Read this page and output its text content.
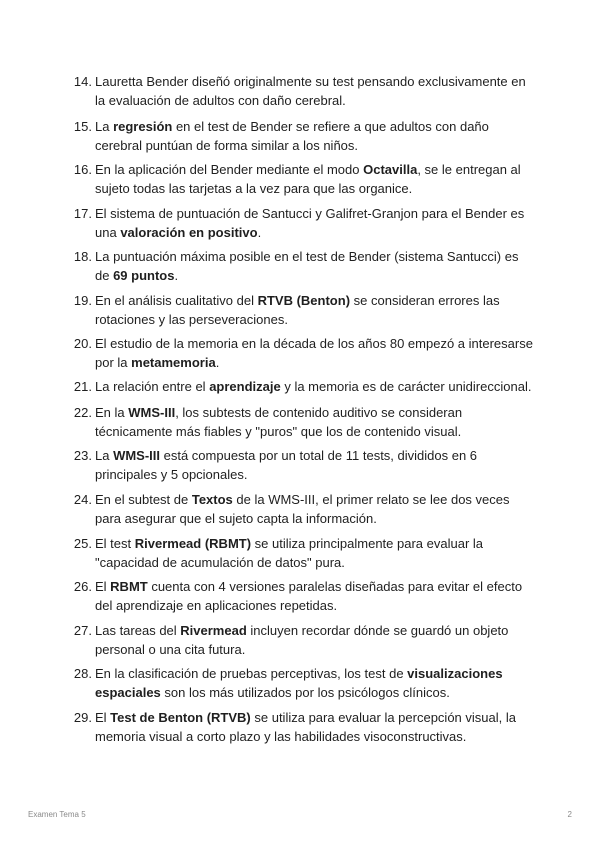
14. Lauretta Bender diseñó originalmente su test pensando exclusivamente en la evaluación de adultos con daño cerebral.
15. La regresión en el test de Bender se refiere a que adultos con daño cerebral puntúan de forma similar a los niños.
16. En la aplicación del Bender mediante el modo Octavilla, se le entregan al sujeto todas las tarjetas a la vez para que las organice.
17. El sistema de puntuación de Santucci y Galifret-Granjon para el Bender es una valoración en positivo.
18. La puntuación máxima posible en el test de Bender (sistema Santucci) es de 69 puntos.
19. En el análisis cualitativo del RTVB (Benton) se consideran errores las rotaciones y las perseveraciones.
20. El estudio de la memoria en la década de los años 80 empezó a interesarse por la metamemoria.
21. La relación entre el aprendizaje y la memoria es de carácter unidireccional.
22. En la WMS-III, los subtests de contenido auditivo se consideran técnicamente más fiables y "puros" que los de contenido visual.
23. La WMS-III está compuesta por un total de 11 tests, divididos en 6 principales y 5 opcionales.
24. En el subtest de Textos de la WMS-III, el primer relato se lee dos veces para asegurar que el sujeto capta la información.
25. El test Rivermead (RBMT) se utiliza principalmente para evaluar la "capacidad de acumulación de datos" pura.
26. El RBMT cuenta con 4 versiones paralelas diseñadas para evitar el efecto del aprendizaje en aplicaciones repetidas.
27. Las tareas del Rivermead incluyen recordar dónde se guardó un objeto personal o una cita futura.
28. En la clasificación de pruebas perceptivas, los test de visualizaciones espaciales son los más utilizados por los psicólogos clínicos.
29. El Test de Benton (RTVB) se utiliza para evaluar la percepción visual, la memoria visual a corto plazo y las habilidades visoconstructivas.
Examen Tema 5	2
